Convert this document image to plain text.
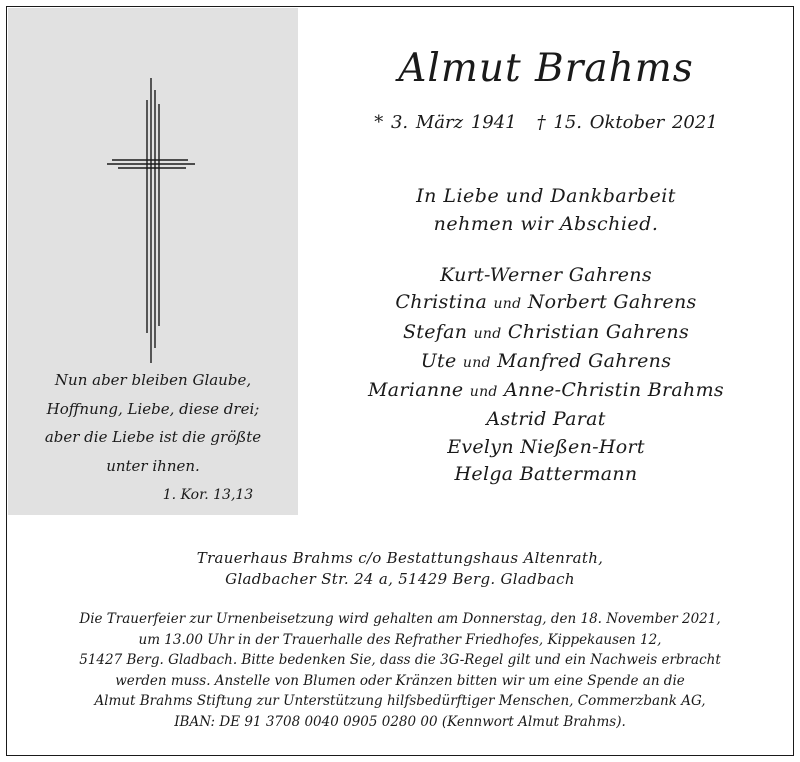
Nun aber bleiben Glaube,
Hoffnung, Liebe, diese drei;
aber die Liebe ist die größte
unter ihnen.
1. Kor. 13,13
Almut Brahms
* 3. März 1941 † 15. Oktober 2021
In Liebe und Dankbarbeit
nehmen wir Abschied.
Kurt-Werner Gahrens
Christina und Norbert Gahrens
Stefan und Christian Gahrens
Ute und Manfred Gahrens
Marianne und Anne-Christin Brahms
Astrid Parat
Evelyn Nießen-Hort
Helga Battermann
Trauerhaus Brahms c/o Bestattungshaus Altenrath,
Gladbacher Str. 24 a, 51429 Berg. Gladbach
Die Trauerfeier zur Urnenbeisetzung wird gehalten am Donnerstag, den 18. November 2021,
um 13.00 Uhr in der Trauerhalle des Refrather Friedhofes, Kippekausen 12,
51427 Berg. Gladbach. Bitte bedenken Sie, dass die 3G-Regel gilt und ein Nachweis erbracht
werden muss. Anstelle von Blumen oder Kränzen bitten wir um eine Spende an die
Almut Brahms Stiftung zur Unterstützung hilfsbedürftiger Menschen, Commerzbank AG,
IBAN: DE 91 3708 0040 0905 0280 00 (Kennwort Almut Brahms).
